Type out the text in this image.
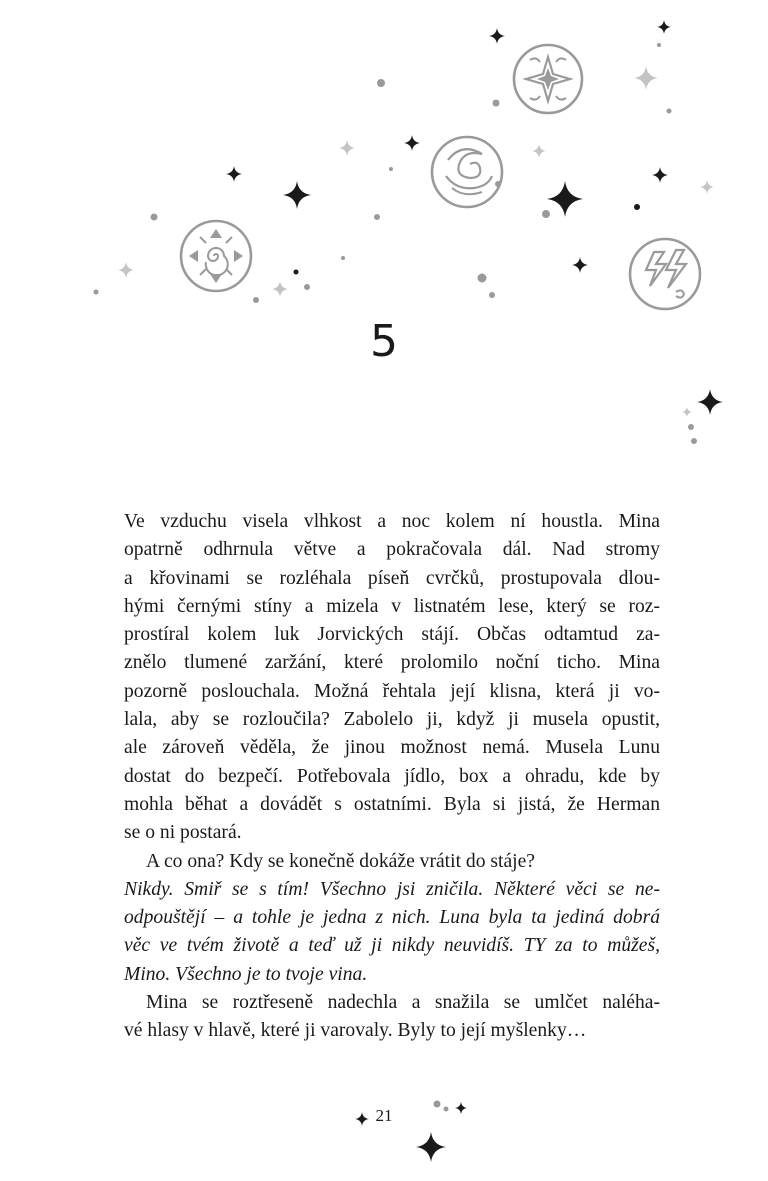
5

Ve vzduchu visela vlhkost a noc kolem ní houstla. Mina

opatrně odhrnula větve a pokračovala dál. Nad stromy

a křovinami se rozléhala píseň cvrčků, prostupovala dlou-

hými černými stíny a mizela v listnatém lese, který se roz-

prostíral kolem luk Jorvických stájí. Občas odtamtud za-

znělo tlumené zaržání, které prolomilo noční ticho. Mina

pozorně poslouchala. Možná řehtala její klisna, která ji vo-

lala, aby se rozloučila? Zabolelo ji, když ji musela opustit,

ale zároveň věděla, že jinou možnost nemá. Musela Lunu

dostat do bezpečí. Potřebovala jídlo, box a ohradu, kde by

mohla běhat a dovádět s ostatními. Byla si jistá, že Herman

se o ni postará.

A co ona? Kdy se konečně dokáže vrátit do stáje?

Nikdy. Smiř se s tím! Všechno jsi zničila. Některé věci se ne-

odpouštějí – a tohle je jedna z nich. Luna byla ta jediná dobrá

věc ve tvém životě a teď už ji nikdy neuvidíš. TY za to můžeš,

Mino. Všechno je to tvoje vina.

Mina se roztřeseně nadechla a snažila se umlčet naléha-

vé hlasy v hlavě, které ji varovaly. Byly to její myšlenky…

21
